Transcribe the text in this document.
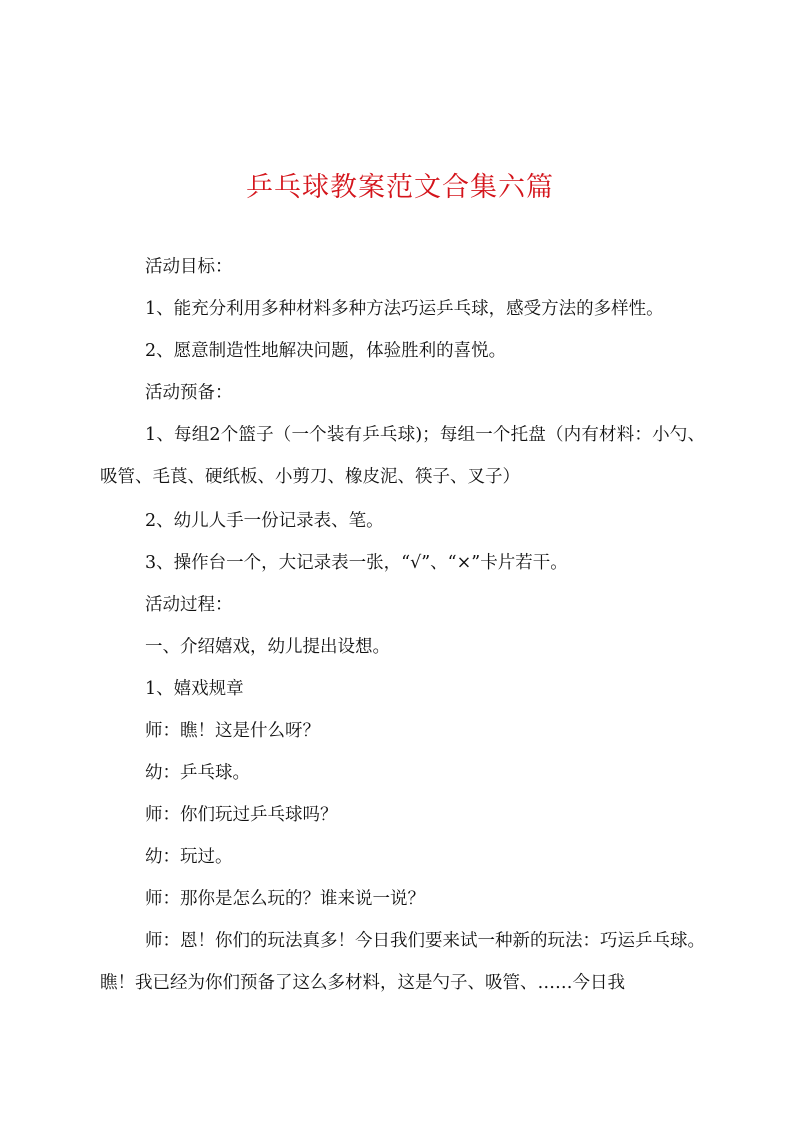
乒乓球教案范文合集六篇

活动目标：

1、能充分利用多种材料多种方法巧运乒乓球，感受方法的多样性。

2、愿意制造性地解决问题，体验胜利的喜悦。

活动预备：

1、每组2个篮子（一个装有乒乓球)；每组一个托盘（内有材料：小勺、吸管、毛莨、硬纸板、小剪刀、橡皮泥、筷子、叉子）

2、幼儿人手一份记录表、笔。

3、操作台一个，大记录表一张，“√”、“×”卡片若干。

活动过程：

一、介绍嬉戏，幼儿提出设想。

1、嬉戏规章

师：瞧！这是什么呀？

幼：乒乓球。

师：你们玩过乒乓球吗？

幼：玩过。

师：那你是怎么玩的？谁来说一说？

师：恩！你们的玩法真多！今日我们要来试一种新的玩法：巧运乒乓球。瞧！我已经为你们预备了这么多材料，这是勺子、吸管、……今日我
